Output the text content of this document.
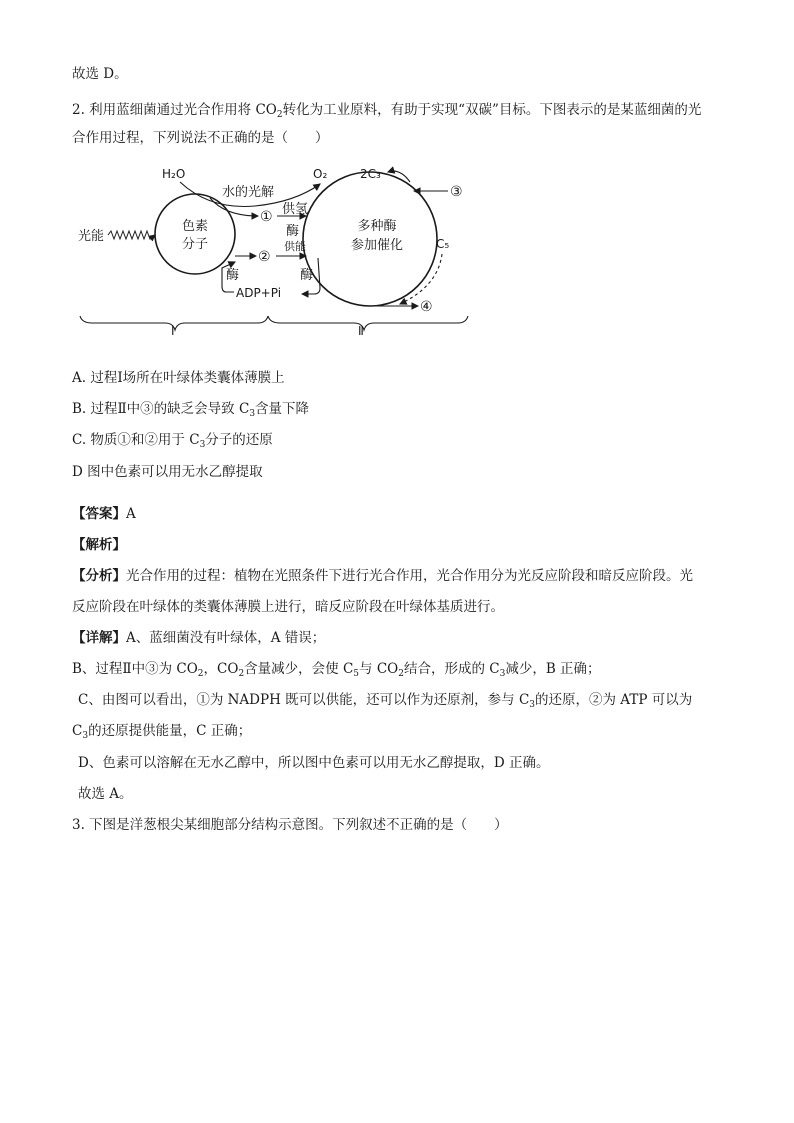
故选 D。
2. 利用蓝细菌通过光合作用将 $CO_2$转化为工业原料，有助于实现“双碳”目标。下图表示的是某蓝细菌的光
合作用过程，下列说法不正确的是（　　）
色素
分子
多种酶
参加催化
光能
H₂O	O₂
水的光解
① 供氢
酶
②
供能
酶	酶
ADP+Pi
2C₃
③
C₅
④
Ⅰ	Ⅱ
A. 过程Ⅰ场所在叶绿体类囊体薄膜上
B. 过程Ⅱ中③的缺乏会导致 $C_3$含量下降
C. 物质①和②用于 $C_3$分子的还原
D 图中色素可以用无水乙醇提取
【答案】A
【解析】
【分析】光合作用的过程：植物在光照条件下进行光合作用，光合作用分为光反应阶段和暗反应阶段。光
反应阶段在叶绿体的类囊体薄膜上进行，暗反应阶段在叶绿体基质进行。
【详解】A、蓝细菌没有叶绿体，A 错误；
B、过程Ⅱ中③为 $CO_2$，$CO_2$含量减少，会使 $C_5$与 $CO_2$结合，形成的 $C_3$减少，B 正确；
C、由图可以看出，①为 NADPH 既可以供能，还可以作为还原剂，参与 $C_3$的还原，②为 ATP 可以为
$C_3$的还原提供能量，C 正确；
D、色素可以溶解在无水乙醇中，所以图中色素可以用无水乙醇提取，D 正确。
故选 A。
3. 下图是洋葱根尖某细胞部分结构示意图。下列叙述不正确的是（　　）
